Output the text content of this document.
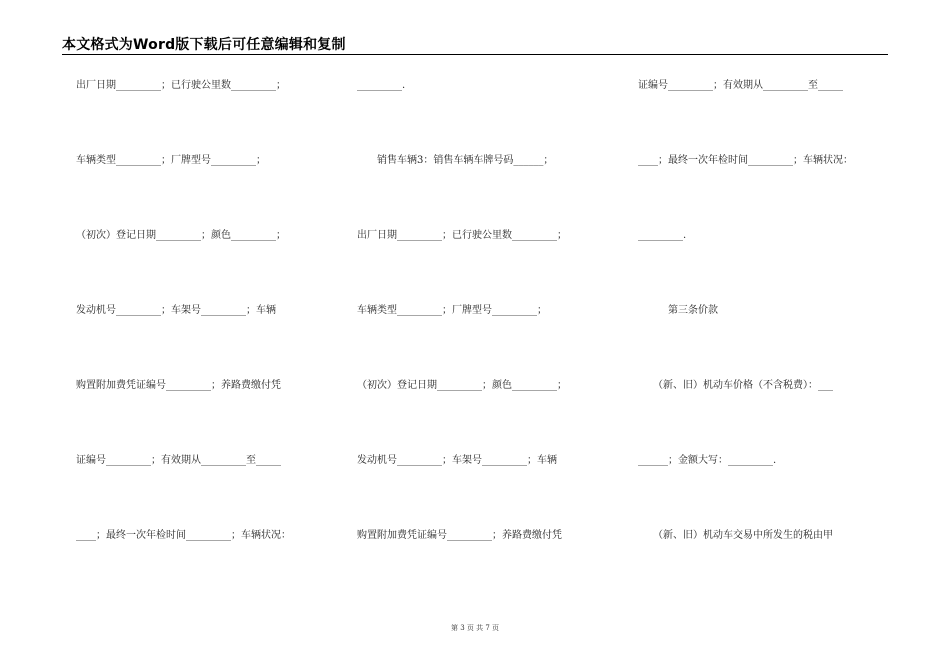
本文格式为Word版下载后可任意编辑和复制
出厂日期_________；已行驶公里数_________；
车辆类型_________；厂牌型号_________；
（初次）登记日期_________；颜色_________；
发动机号_________；车架号_________；车辆
购置附加费凭证编号_________；养路费缴付凭
证编号_________；有效期从_________至_____
____；最终一次年检时间_________；车辆状况：
_________.
　　销售车辆3：销售车辆车牌号码______；
出厂日期_________；已行驶公里数_________；
车辆类型_________；厂牌型号_________；
（初次）登记日期_________；颜色_________；
发动机号_________；车架号_________；车辆
购置附加费凭证编号_________；养路费缴付凭
证编号_________；有效期从_________至_____
____；最终一次年检时间_________；车辆状况：
_________.
　　　第三条价款
　　（新、旧）机动车价格（不含税费）：___
______；金额大写：_________.
　　（新、旧）机动车交易中所发生的税由甲
第 3 页 共 7 页
